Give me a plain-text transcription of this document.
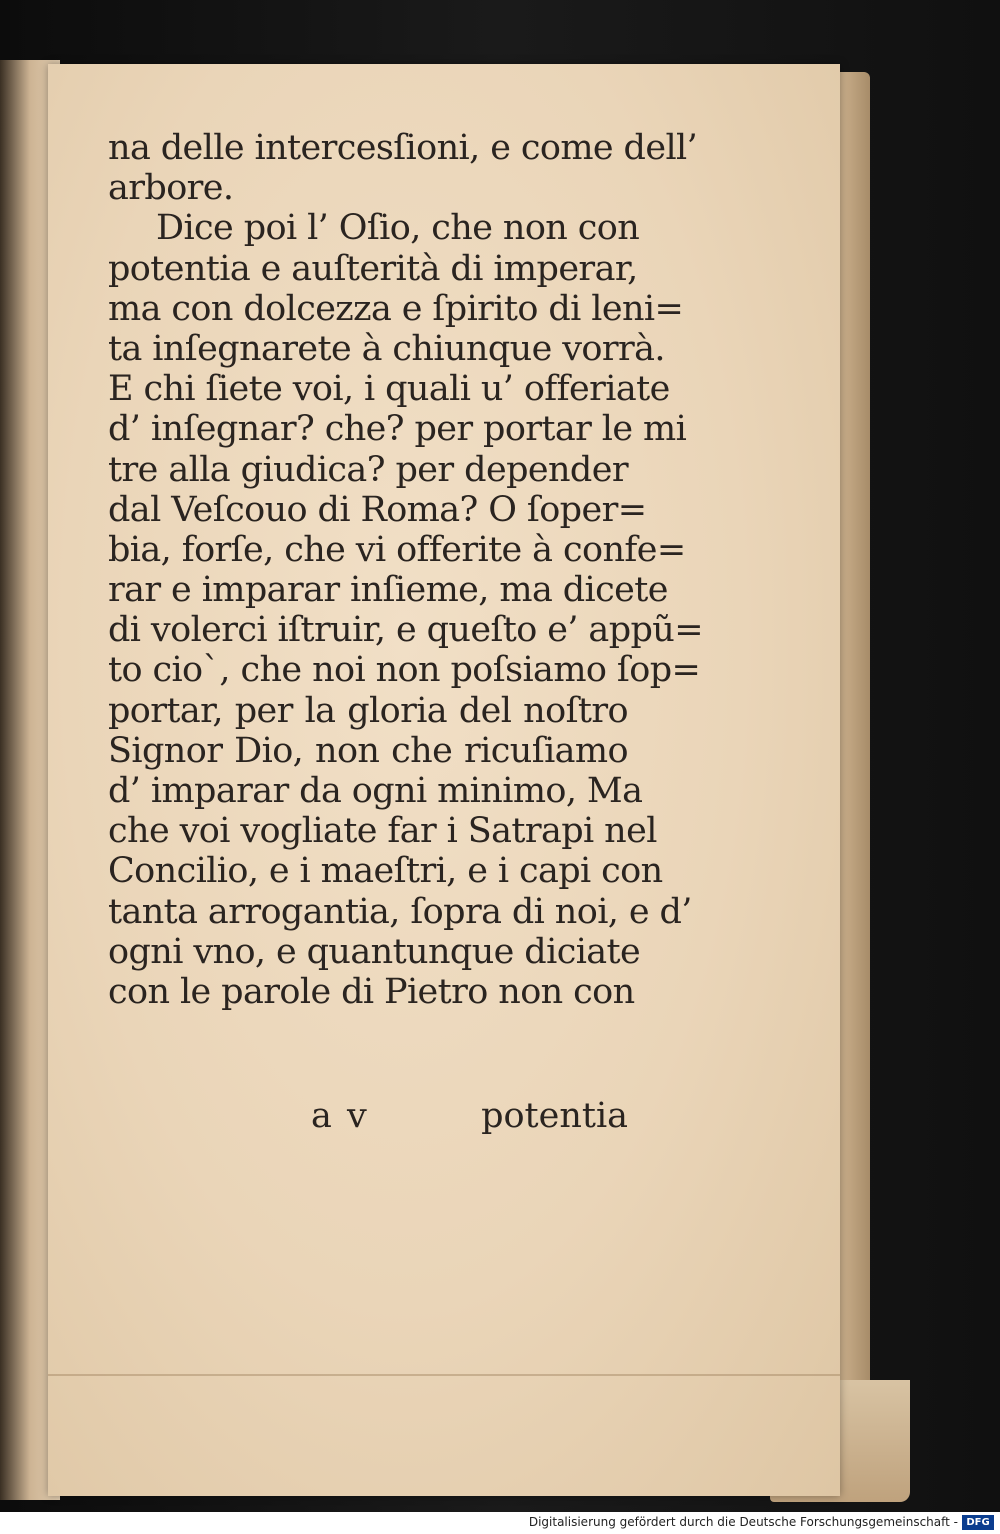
na delle intercesſioni, e come dell’
arbore.
Dice poi l’ Oſio, che non con
potentia e auſterità di imperar,
ma con dolcezza e ſpirito di leni=
ta inſegnarete à chiunque vorrà.
E chi ſiete voi, i quali u’ offeriate
d’ inſegnar? che? per portar le mi
tre alla giudica? per depender
dal Veſcouo di Roma? O ſoper=
bia, forſe, che vi offerite à confe=
rar e imparar inſieme, ma dicete
di volerci iſtruir, e queſto e’ appũ=
to cio`, che noi non poſsiamo ſop=
portar, per la gloria del noſtro
Signor Dio, non che ricuſiamo
d’ imparar da ogni minimo, Ma
che voi vogliate far i Satrapi nel
Concilio, e i maeſtri, e i capi con
tanta arrogantia, ſopra di noi, e d’
ogni vno, e quantunque diciate
con le parole di Pietro non con
a v	potentia
Digitalisierung gefördert durch die Deutsche Forschungsgemeinschaft - DFG
